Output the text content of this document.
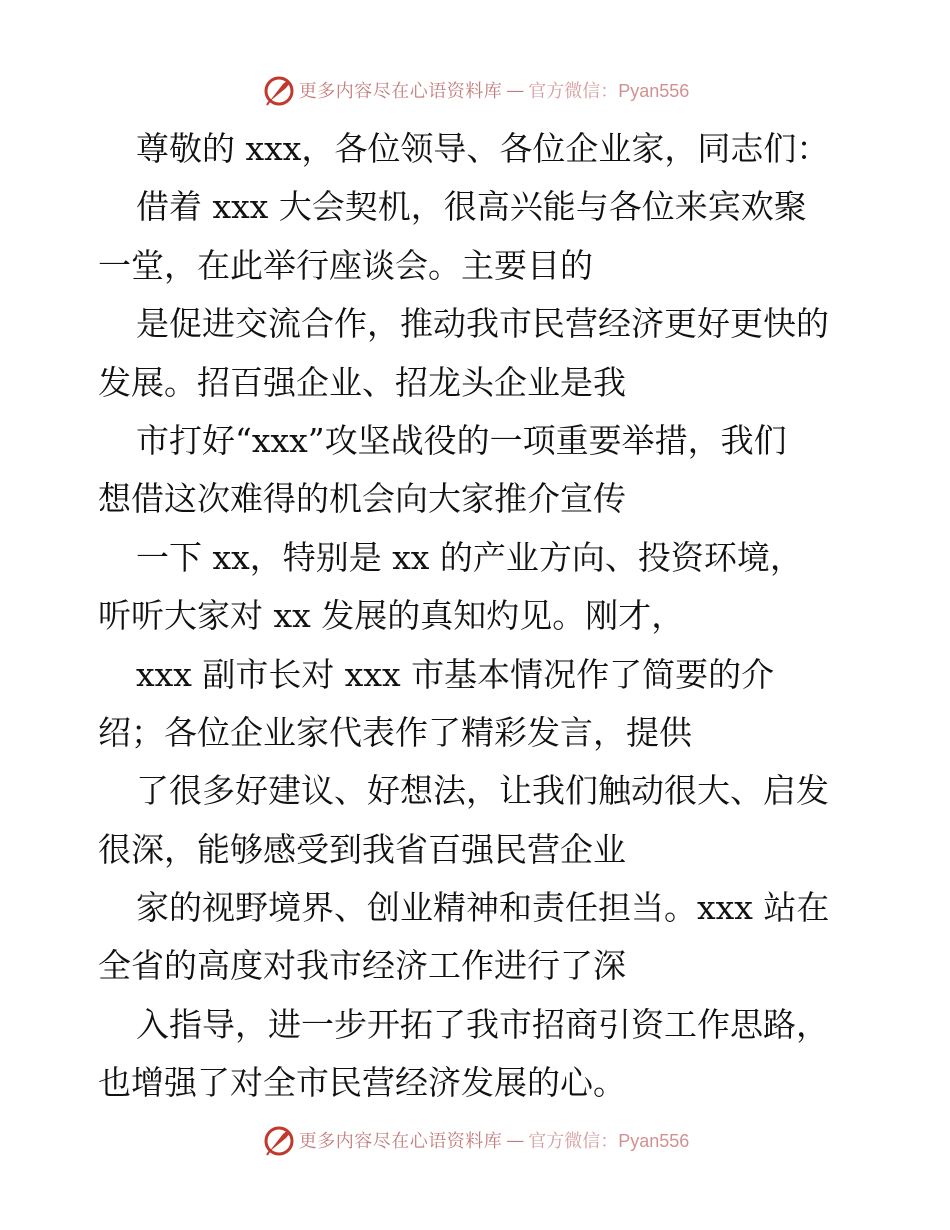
更多内容尽在心语资料库 — 官方微信：Pyan556
尊敬的 xxx，各位领导、各位企业家，同志们：
借着 xxx 大会契机，很高兴能与各位来宾欢聚
一堂，在此举行座谈会。主要目的
是促进交流合作，推动我市民营经济更好更快的
发展。招百强企业、招龙头企业是我
市打好“xxx”攻坚战役的一项重要举措，我们
想借这次难得的机会向大家推介宣传
一下 xx，特别是 xx 的产业方向、投资环境，
听听大家对 xx 发展的真知灼见。刚才，
xxx 副市长对 xxx 市基本情况作了简要的介
绍；各位企业家代表作了精彩发言，提供
了很多好建议、好想法，让我们触动很大、启发
很深，能够感受到我省百强民营企业
家的视野境界、创业精神和责任担当。xxx 站在
全省的高度对我市经济工作进行了深
入指导，进一步开拓了我市招商引资工作思路，
也增强了对全市民营经济发展的心。
更多内容尽在心语资料库 — 官方微信：Pyan556
